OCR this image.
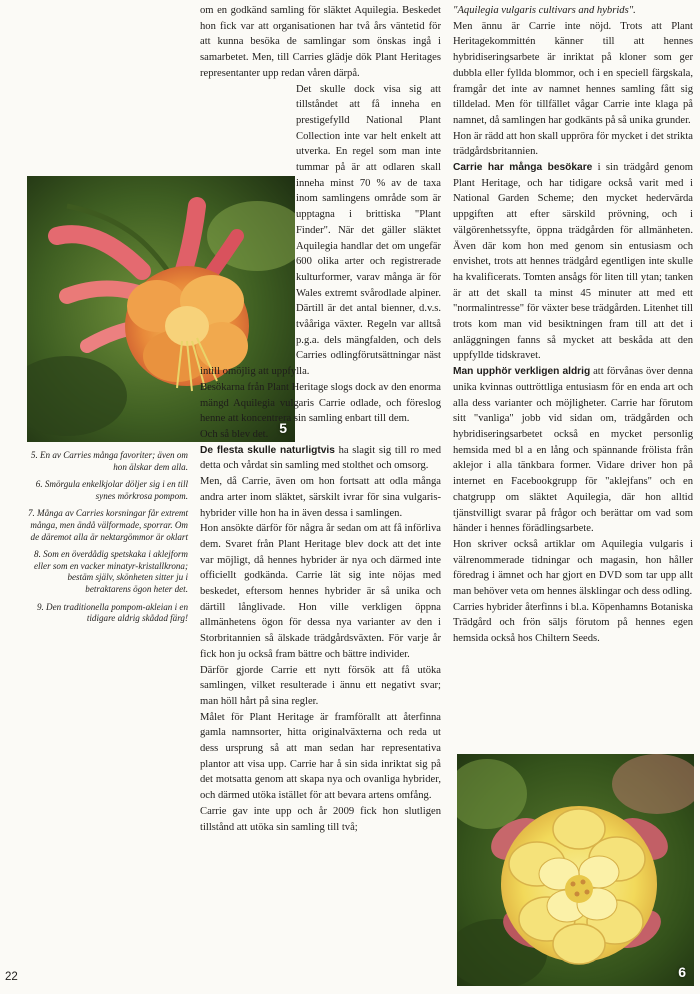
5

5. En av Carries många favoriter; även om hon älskar dem alla.

6. Smörgula enkelkjolar döljer sig i en till synes mörkrosa pompom.

7. Många av Carries korsningar får extremt många, men ändå välformade, sporrar. Om de däremot alla är nektargömmor är oklart

8. Som en överdådig spetskaka i aklejform eller som en vacker minatyr-kristallkrona; bestäm själv, skönheten sitter ju i betraktarens ögon heter det.

9. Den traditionella pompom-akleian i en tidigare aldrig skådad färg!

om en godkänd samling för släktet Aquilegia. Beskedet hon fick var att organisationen har två års väntetid för att kunna besöka de samlingar som önskas ingå i samarbetet. Men, till Carries glädje dök Plant Heritages representanter upp redan våren därpå.

Det skulle dock visa sig att tillståndet att få inneha en prestigefylld National Plant Collection inte var helt enkelt att utverka. En regel som man inte tummar på är att odlaren skall inneha minst 70 % av de taxa inom samlingens område som är upptagna i brittiska "Plant Finder". När det gäller släktet Aquilegia handlar det om ungefär 600 olika arter och registrerade kulturformer, varav många är för Wales extremt svårodlade alpiner. Därtill är det antal bienner, d.v.s. tvååriga växter. Regeln var alltså p.g.a. dels mängfalden, och dels Carries odlingförutsättningar näst intill omöjlig att uppfylla.

Besökarna från Plant Heritage slogs dock av den enorma mängd Aquilegia vulgaris Carrie odlade, och föreslog henne att koncentrera sin samling enbart till dem.

Och så blev det.

De flesta skulle naturligtvis ha slagit sig till ro med detta och vårdat sin samling med stolthet och omsorg.

Men, då Carrie, även om hon fortsatt att odla många andra arter inom släktet, särskilt ivrar för sina vulgaris-hybrider ville hon ha in även dessa i samlingen.

Hon ansökte därför för några år sedan om att få införliva dem. Svaret från Plant Heritage blev dock att det inte var möjligt, då hennes hybrider är nya och därmed inte officiellt godkända. Carrie lät sig inte nöjas med beskedet, eftersom hennes hybrider är så unika och därtill långlivade. Hon ville verkligen öppna allmänhetens ögon för dessa nya varianter av den i Storbritannien så älskade trädgårdsväxten. För varje år fick hon ju också fram bättre och bättre individer.

Därför gjorde Carrie ett nytt försök att få utöka samlingen, vilket resulterade i ännu ett negativt svar; man höll hårt på sina regler.

Målet för Plant Heritage är framförallt att återfinna gamla namnsorter, hitta originalväxterna och reda ut dess ursprung så att man sedan har representativa plantor att visa upp. Carrie har å sin sida inriktat sig på det motsatta genom att skapa nya och ovanliga hybrider, och därmed utöka istället för att bevara artens omfång.

Carrie gav inte upp och år 2009 fick hon slutligen tillstånd att utöka sin samling till två;

"Aquilegia vulgaris cultivars and hybrids".

Men ännu är Carrie inte nöjd. Trots att Plant Heritagekommittén känner till att hennes hybridiseringsarbete är inriktat på kloner som ger dubbla eller fyllda blommor, och i en speciell färgskala, framgår det inte av namnet hennes samling fått sig tilldelad. Men för tillfället vågar Carrie inte klaga på namnet, då samlingen har godkänts på så unika grunder.

Hon är rädd att hon skall uppröra för mycket i det strikta trädgårdsbritannien.

Carrie har många besökare i sin trädgård genom Plant Heritage, och har tidigare också varit med i National Garden Scheme; den mycket hedervärda uppgiften att efter särskild prövning, och i välgörenhetssyfte, öppna trädgården för allmänheten. Även där kom hon med genom sin entusiasm och envishet, trots att hennes trädgård egentligen inte skulle ha kvalificerats. Tomten ansågs för liten till ytan; tanken är att det skall ta minst 45 minuter att med ett "normalintresse" för växter bese trädgården. Litenhet till trots kom man vid besiktningen fram till att det i anläggningen fanns så mycket att beskåda att den uppfyllde tidskravet.

Man upphör verkligen aldrig att förvånas över denna unika kvinnas outtröttliga entusiasm för en enda art och alla dess varianter och möjligheter. Carrie har förutom sitt "vanliga" jobb vid sidan om, trädgården och hybridiseringsarbetet också en mycket personlig hemsida med bl a en lång och spännande frölista från aklejor i alla tänkbara former. Vidare driver hon på internet en Facebookgrupp för "aklejfans" och en chatgrupp om släktet Aquilegia, där hon alltid tjänstvilligt svarar på frågor och berättar om vad som händer i hennes förädlingsarbete.

Hon skriver också artiklar om Aquilegia vulgaris i välrenommerade tidningar och magasin, hon håller föredrag i ämnet och har gjort en DVD som tar upp allt man behöver veta om hennes älsklingar och dess odling.

Carries hybrider återfinns i bl.a. Köpenhamns Botaniska Trädgård och frön säljs förutom på hennes egen hemsida också hos Chiltern Seeds.

6
22
